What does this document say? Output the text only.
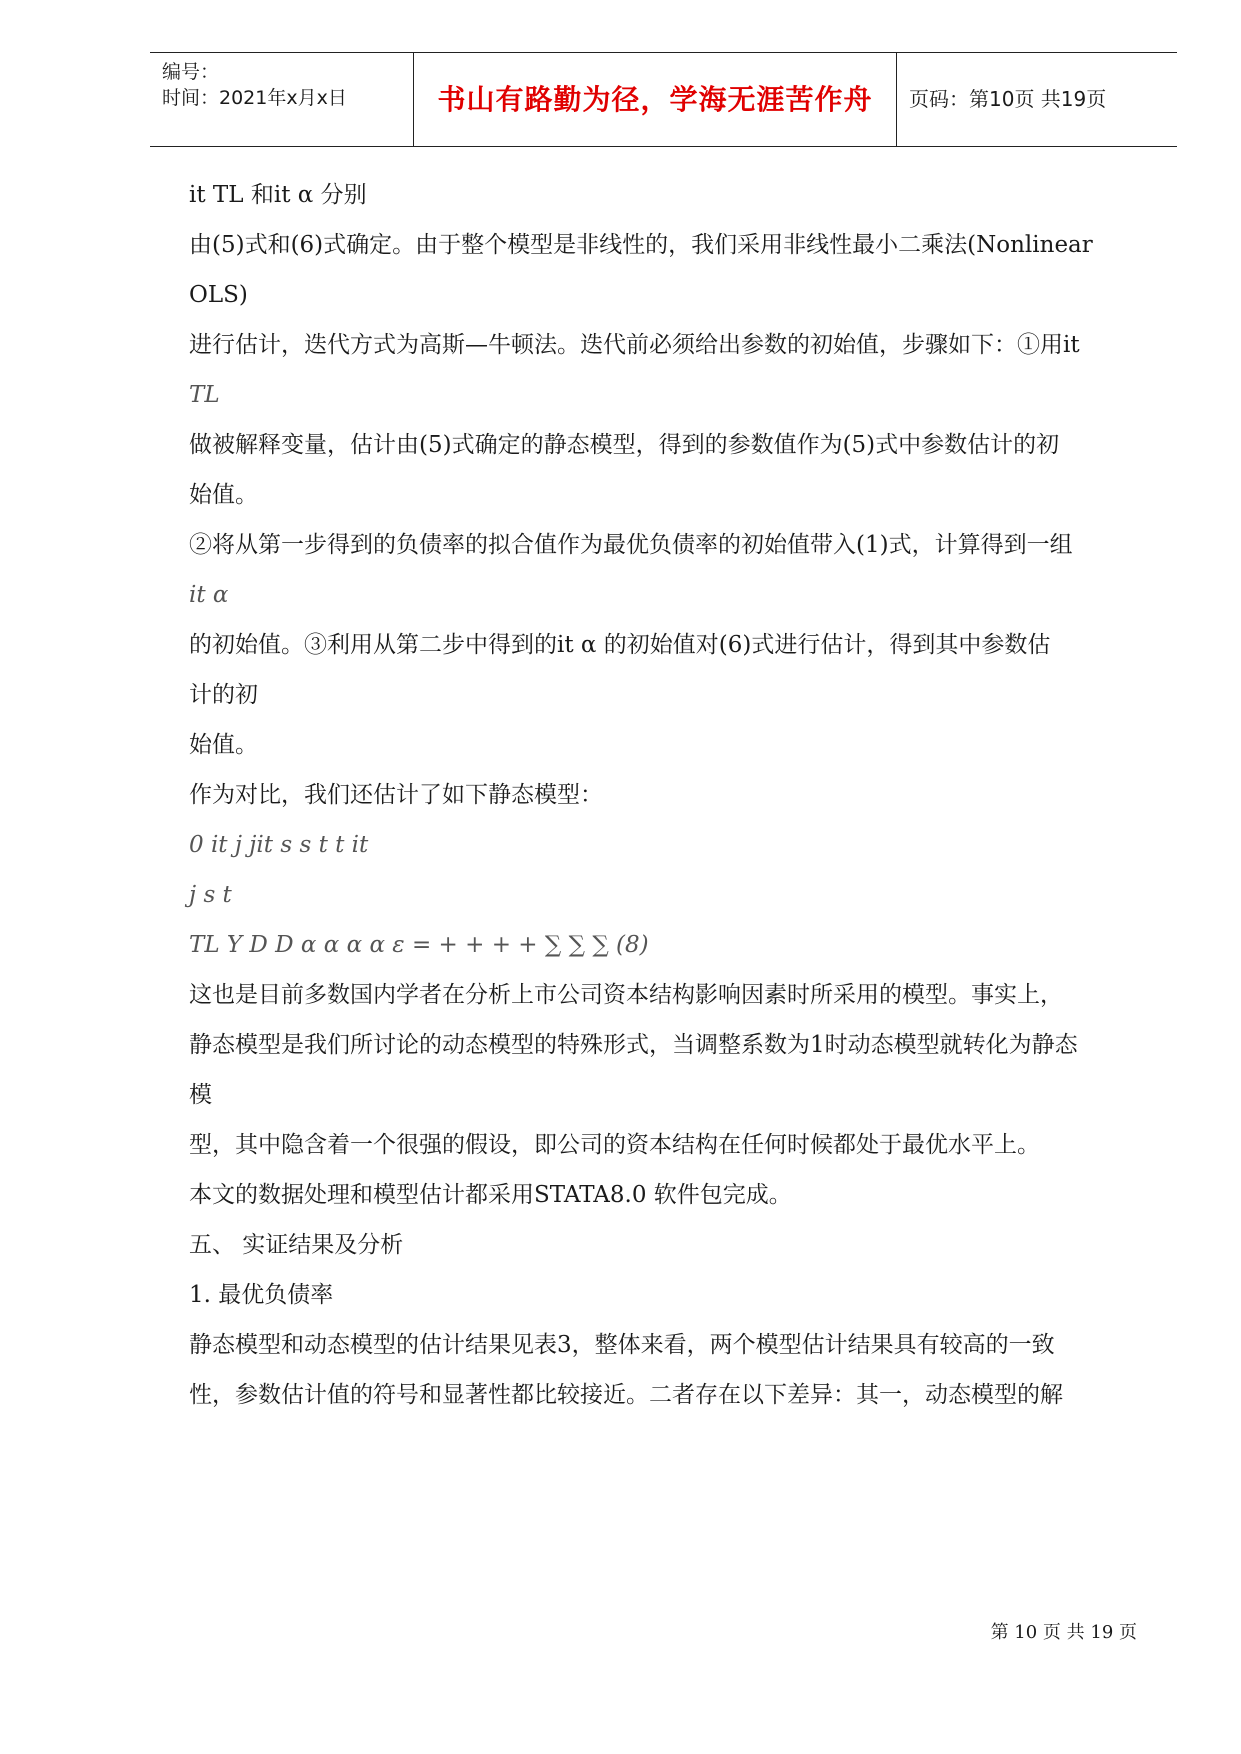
编号：
时间：2021年x月x日	书山有路勤为径，学海无涯苦作舟	页码：第10页 共19页
it TL 和it α 分别
由(5)式和(6)式确定。由于整个模型是非线性的，我们采用非线性最小二乘法(Nonlinear
OLS)
进行估计，迭代方式为高斯—牛顿法。迭代前必须给出参数的初始值，步骤如下：①用it
TL
做被解释变量，估计由(5)式确定的静态模型，得到的参数值作为(5)式中参数估计的初
始值。
②将从第一步得到的负债率的拟合值作为最优负债率的初始值带入(1)式，计算得到一组
it α
的初始值。③利用从第二步中得到的it α 的初始值对(6)式进行估计，得到其中参数估
计的初
始值。
作为对比，我们还估计了如下静态模型：
0 it j jit s s t t it
j s t
TL Y D D α α α α ε = + + + + ∑ ∑ ∑ (8)
这也是目前多数国内学者在分析上市公司资本结构影响因素时所采用的模型。事实上，
静态模型是我们所讨论的动态模型的特殊形式，当调整系数为1时动态模型就转化为静态
模
型，其中隐含着一个很强的假设，即公司的资本结构在任何时候都处于最优水平上。
本文的数据处理和模型估计都采用STATA8.0 软件包完成。
五、 实证结果及分析
1. 最优负债率
静态模型和动态模型的估计结果见表3，整体来看，两个模型估计结果具有较高的一致
性，参数估计值的符号和显著性都比较接近。二者存在以下差异：其一，动态模型的解
第 10 页 共 19 页
